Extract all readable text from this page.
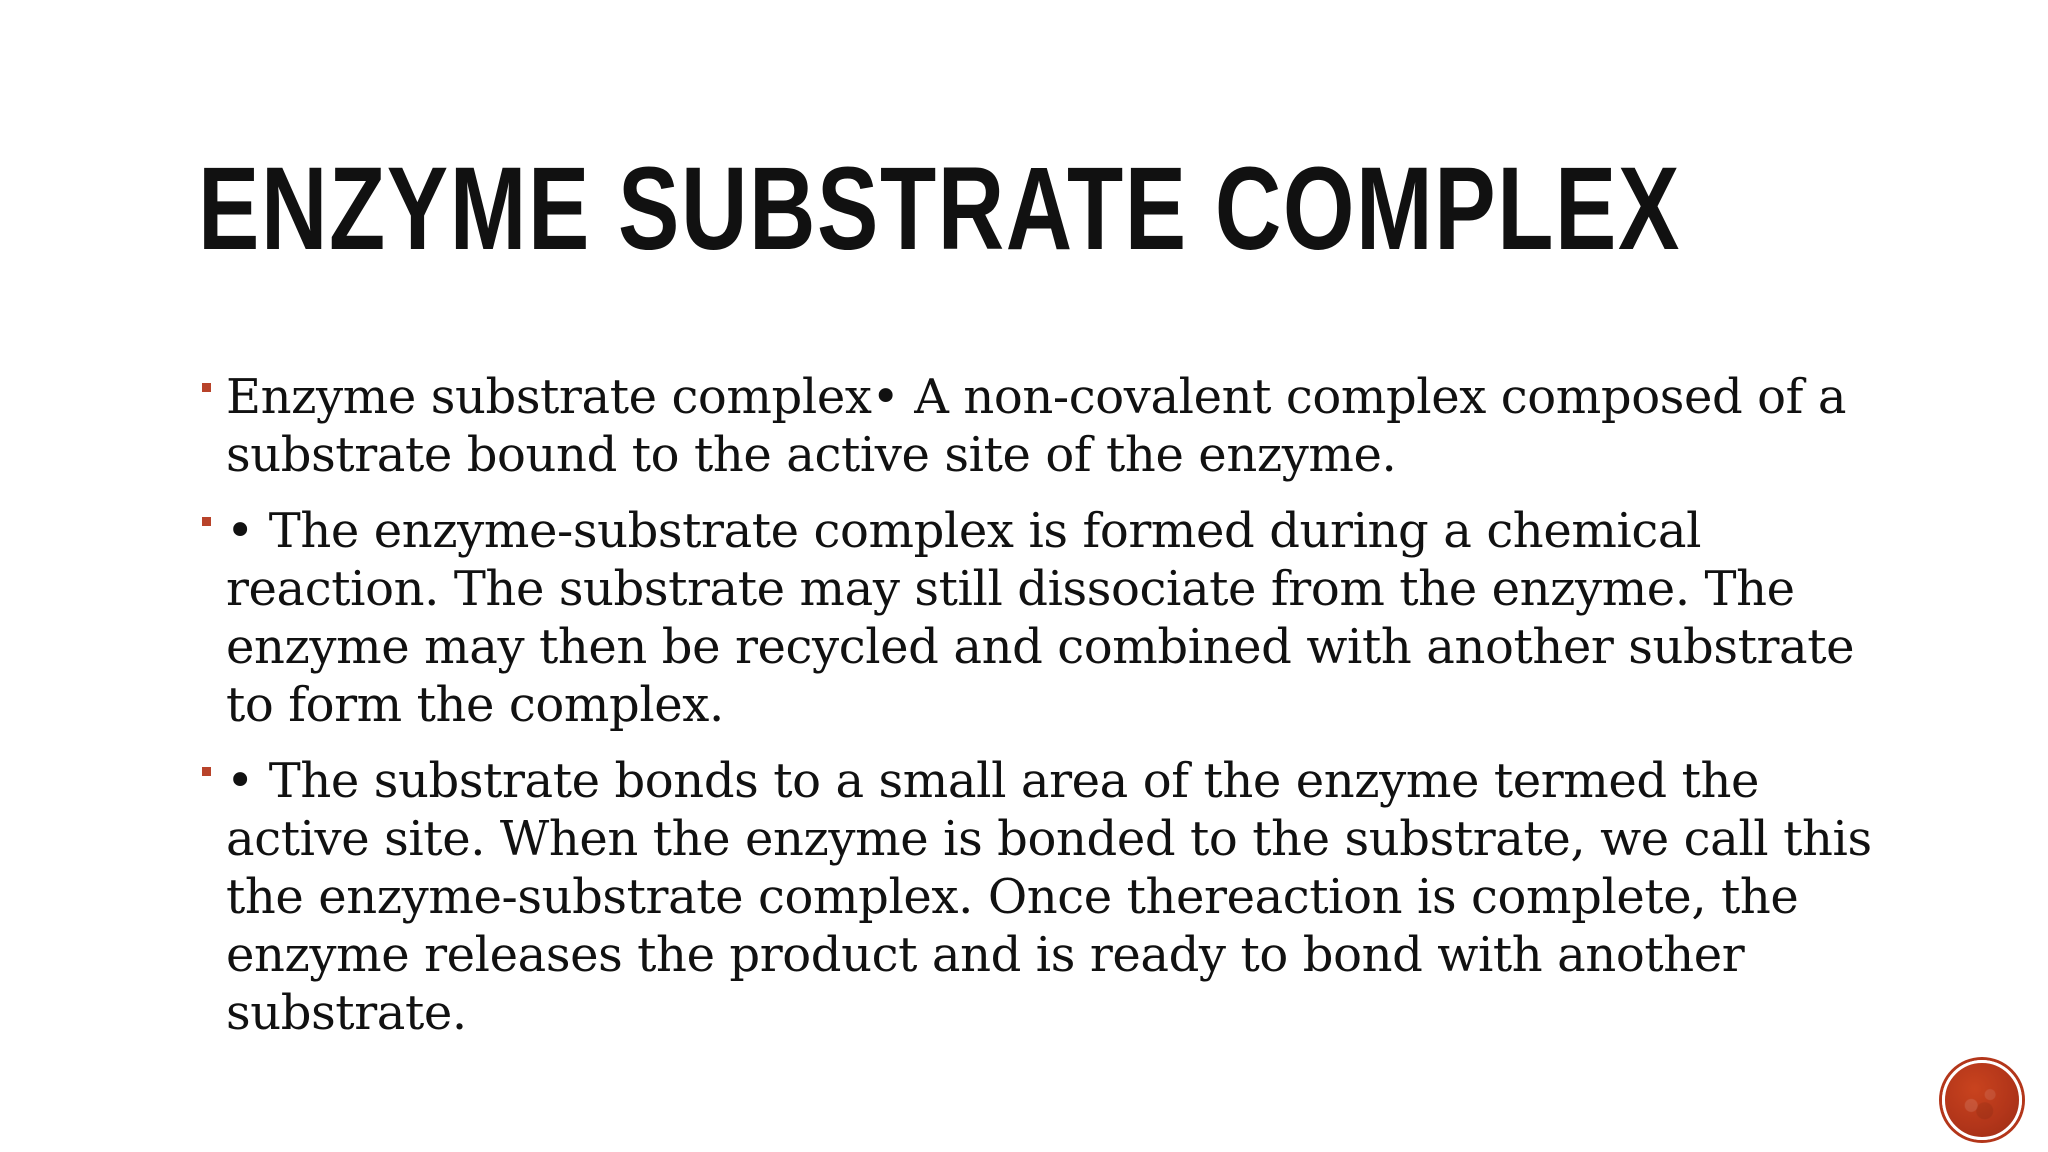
ENZYME SUBSTRATE COMPLEX
Enzyme substrate complex• A non-covalent complex composed of a substrate bound to the active site of the enzyme.
• The enzyme-substrate complex is formed during a chemical reaction. The substrate may still dissociate from the enzyme. The enzyme may then be recycled and combined with another substrate to form the complex.
• The substrate bonds to a small area of the enzyme termed the active site. When the enzyme is bonded to the substrate, we call this the enzyme-substrate complex. Once thereaction is complete, the enzyme releases the product and is ready to bond with another substrate.
